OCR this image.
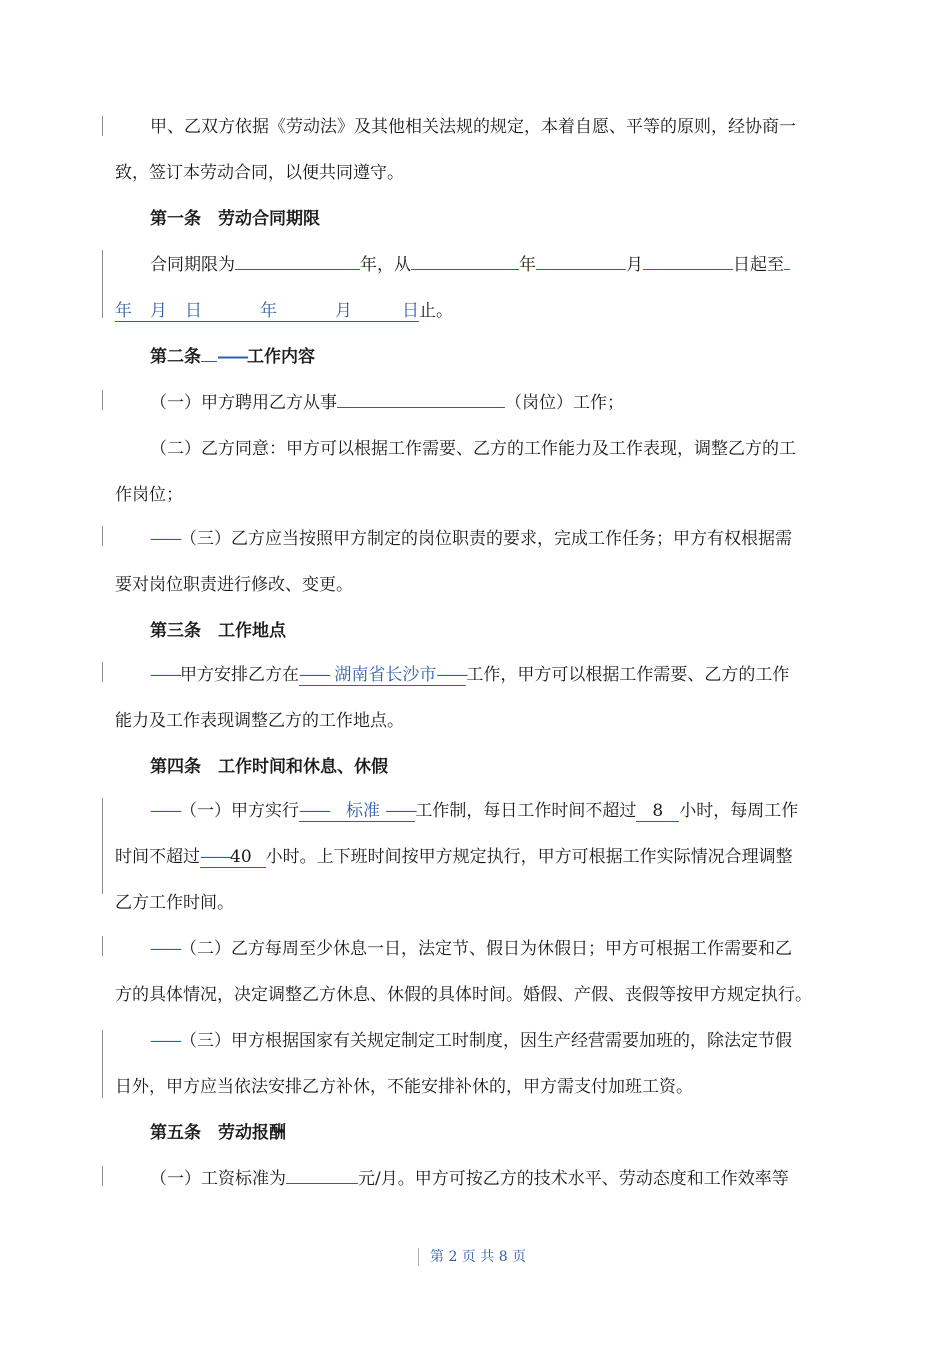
甲、乙双方依据《劳动法》及其他相关法规的规定，本着自愿、平等的原则，经协商一
致，签订本劳动合同，以便共同遵守。
第一条　劳动合同期限
合同期限为	年，从	年	月	日起至
年 月 日	年	月	日止。
第二条 ——工作内容
（一）甲方聘用乙方从事	（岗位）工作；
（二）乙方同意：甲方可以根据工作需要、乙方的工作能力及工作表现，调整乙方的工
作岗位；
——（三）乙方应当按照甲方制定的岗位职责的要求，完成工作任务；甲方有权根据需
要对岗位职责进行修改、变更。
第三条　工作地点
——甲方安排乙方在—— 湖南省长沙市——工作，甲方可以根据工作需要、乙方的工作
能力及工作表现调整乙方的工作地点。
第四条　工作时间和休息、休假
——（一）甲方实行——　 标准 ——工作制，每日工作时间不超过 8 小时，每周工作
时间不超过——40 小时。上下班时间按甲方规定执行，甲方可根据工作实际情况合理调整
乙方工作时间。
——（二）乙方每周至少休息一日，法定节、假日为休假日；甲方可根据工作需要和乙
方的具体情况，决定调整乙方休息、休假的具体时间。婚假、产假、丧假等按甲方规定执行。
——（三）甲方根据国家有关规定制定工时制度，因生产经营需要加班的，除法定节假
日外，甲方应当依法安排乙方补休，不能安排补休的，甲方需支付加班工资。
第五条　劳动报酬
（一）工资标准为	元/月。甲方可按乙方的技术水平、劳动态度和工作效率等
第 2 页 共 8 页
